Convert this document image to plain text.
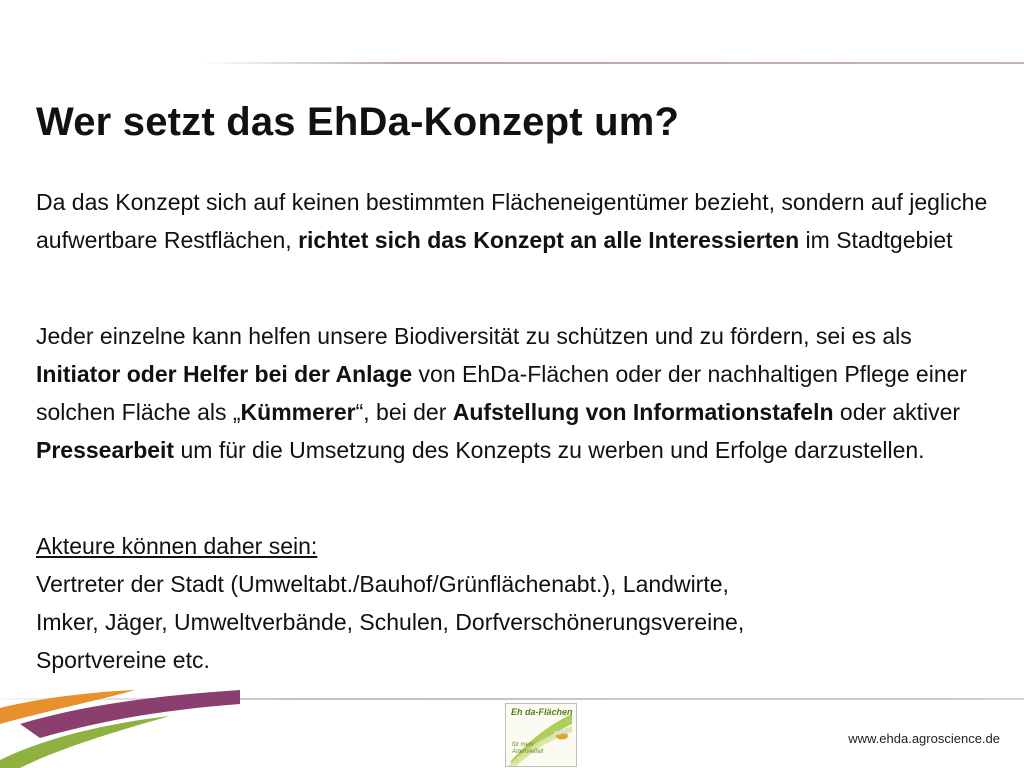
Wer setzt das EhDa-Konzept um?
Da das Konzept sich auf keinen bestimmten Flächeneigentümer bezieht, sondern auf jegliche aufwertbare Restflächen, richtet sich das Konzept an alle Interessierten im Stadtgebiet
Jeder einzelne kann helfen unsere Biodiversität zu schützen und zu fördern, sei es als Initiator oder Helfer bei der Anlage von EhDa-Flächen oder der nachhaltigen Pflege einer solchen Fläche als „Kümmerer“, bei der Aufstellung von Informationstafeln oder aktiver Pressearbeit um für die Umsetzung des Konzepts zu werben und Erfolge darzustellen.
Akteure können daher sein:
Vertreter der Stadt (Umweltabt./Bauhof/Grünflächenabt.), Landwirte,
Imker, Jäger, Umweltverbände, Schulen, Dorfverschönerungsvereine,
Sportvereine etc.
Eh da-Flächen
für mehr Artenvielfalt
www.ehda.agroscience.de
